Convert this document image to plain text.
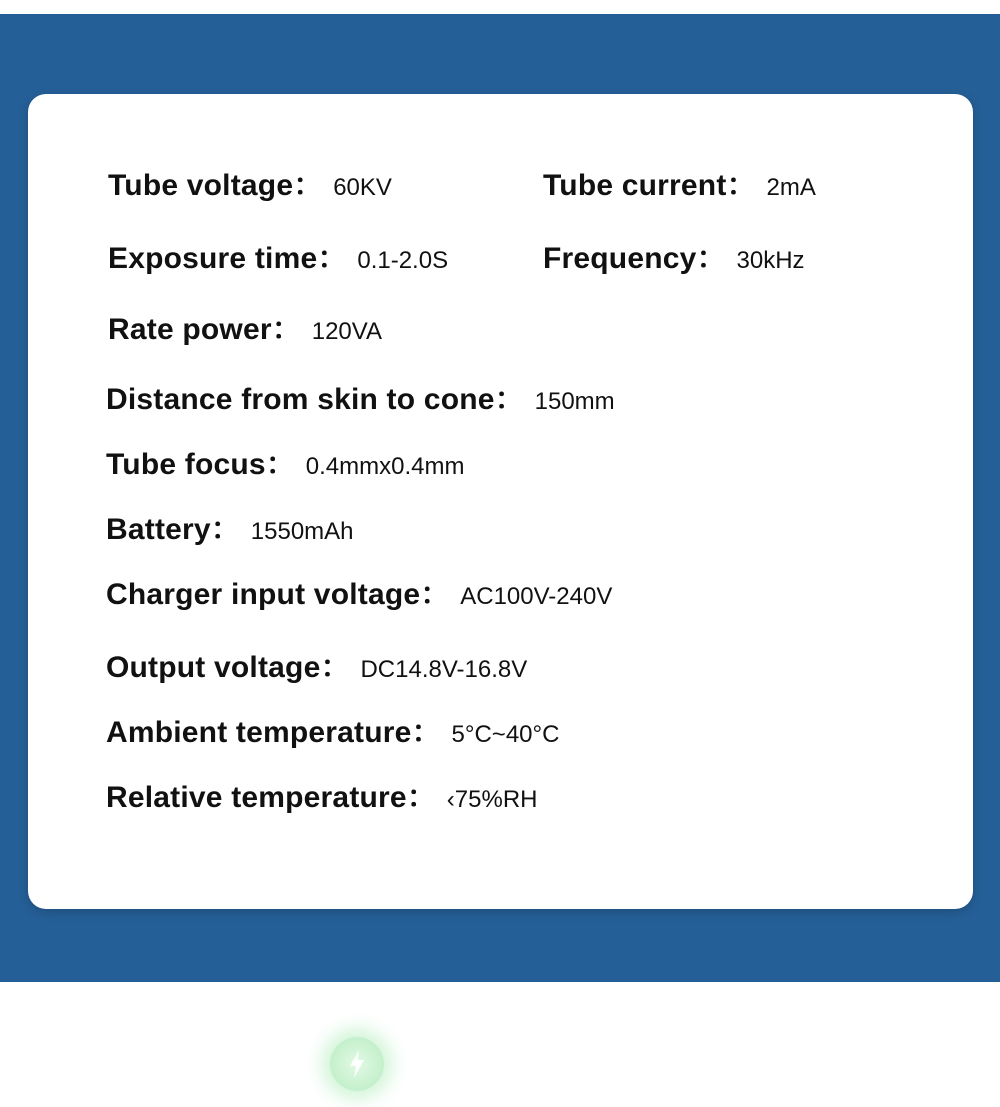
Tube voltage： 60KV	Tube current： 2mA
Exposure time： 0.1-2.0S	Frequency： 30kHz
Rate power： 120VA
Distance from skin to cone： 150mm
Tube focus： 0.4mmx0.4mm
Battery： 1550mAh
Charger input voltage： AC100V-240V
Output voltage： DC14.8V-16.8V
Ambient temperature： 5°C~40°C
Relative temperature： ‹75%RH
